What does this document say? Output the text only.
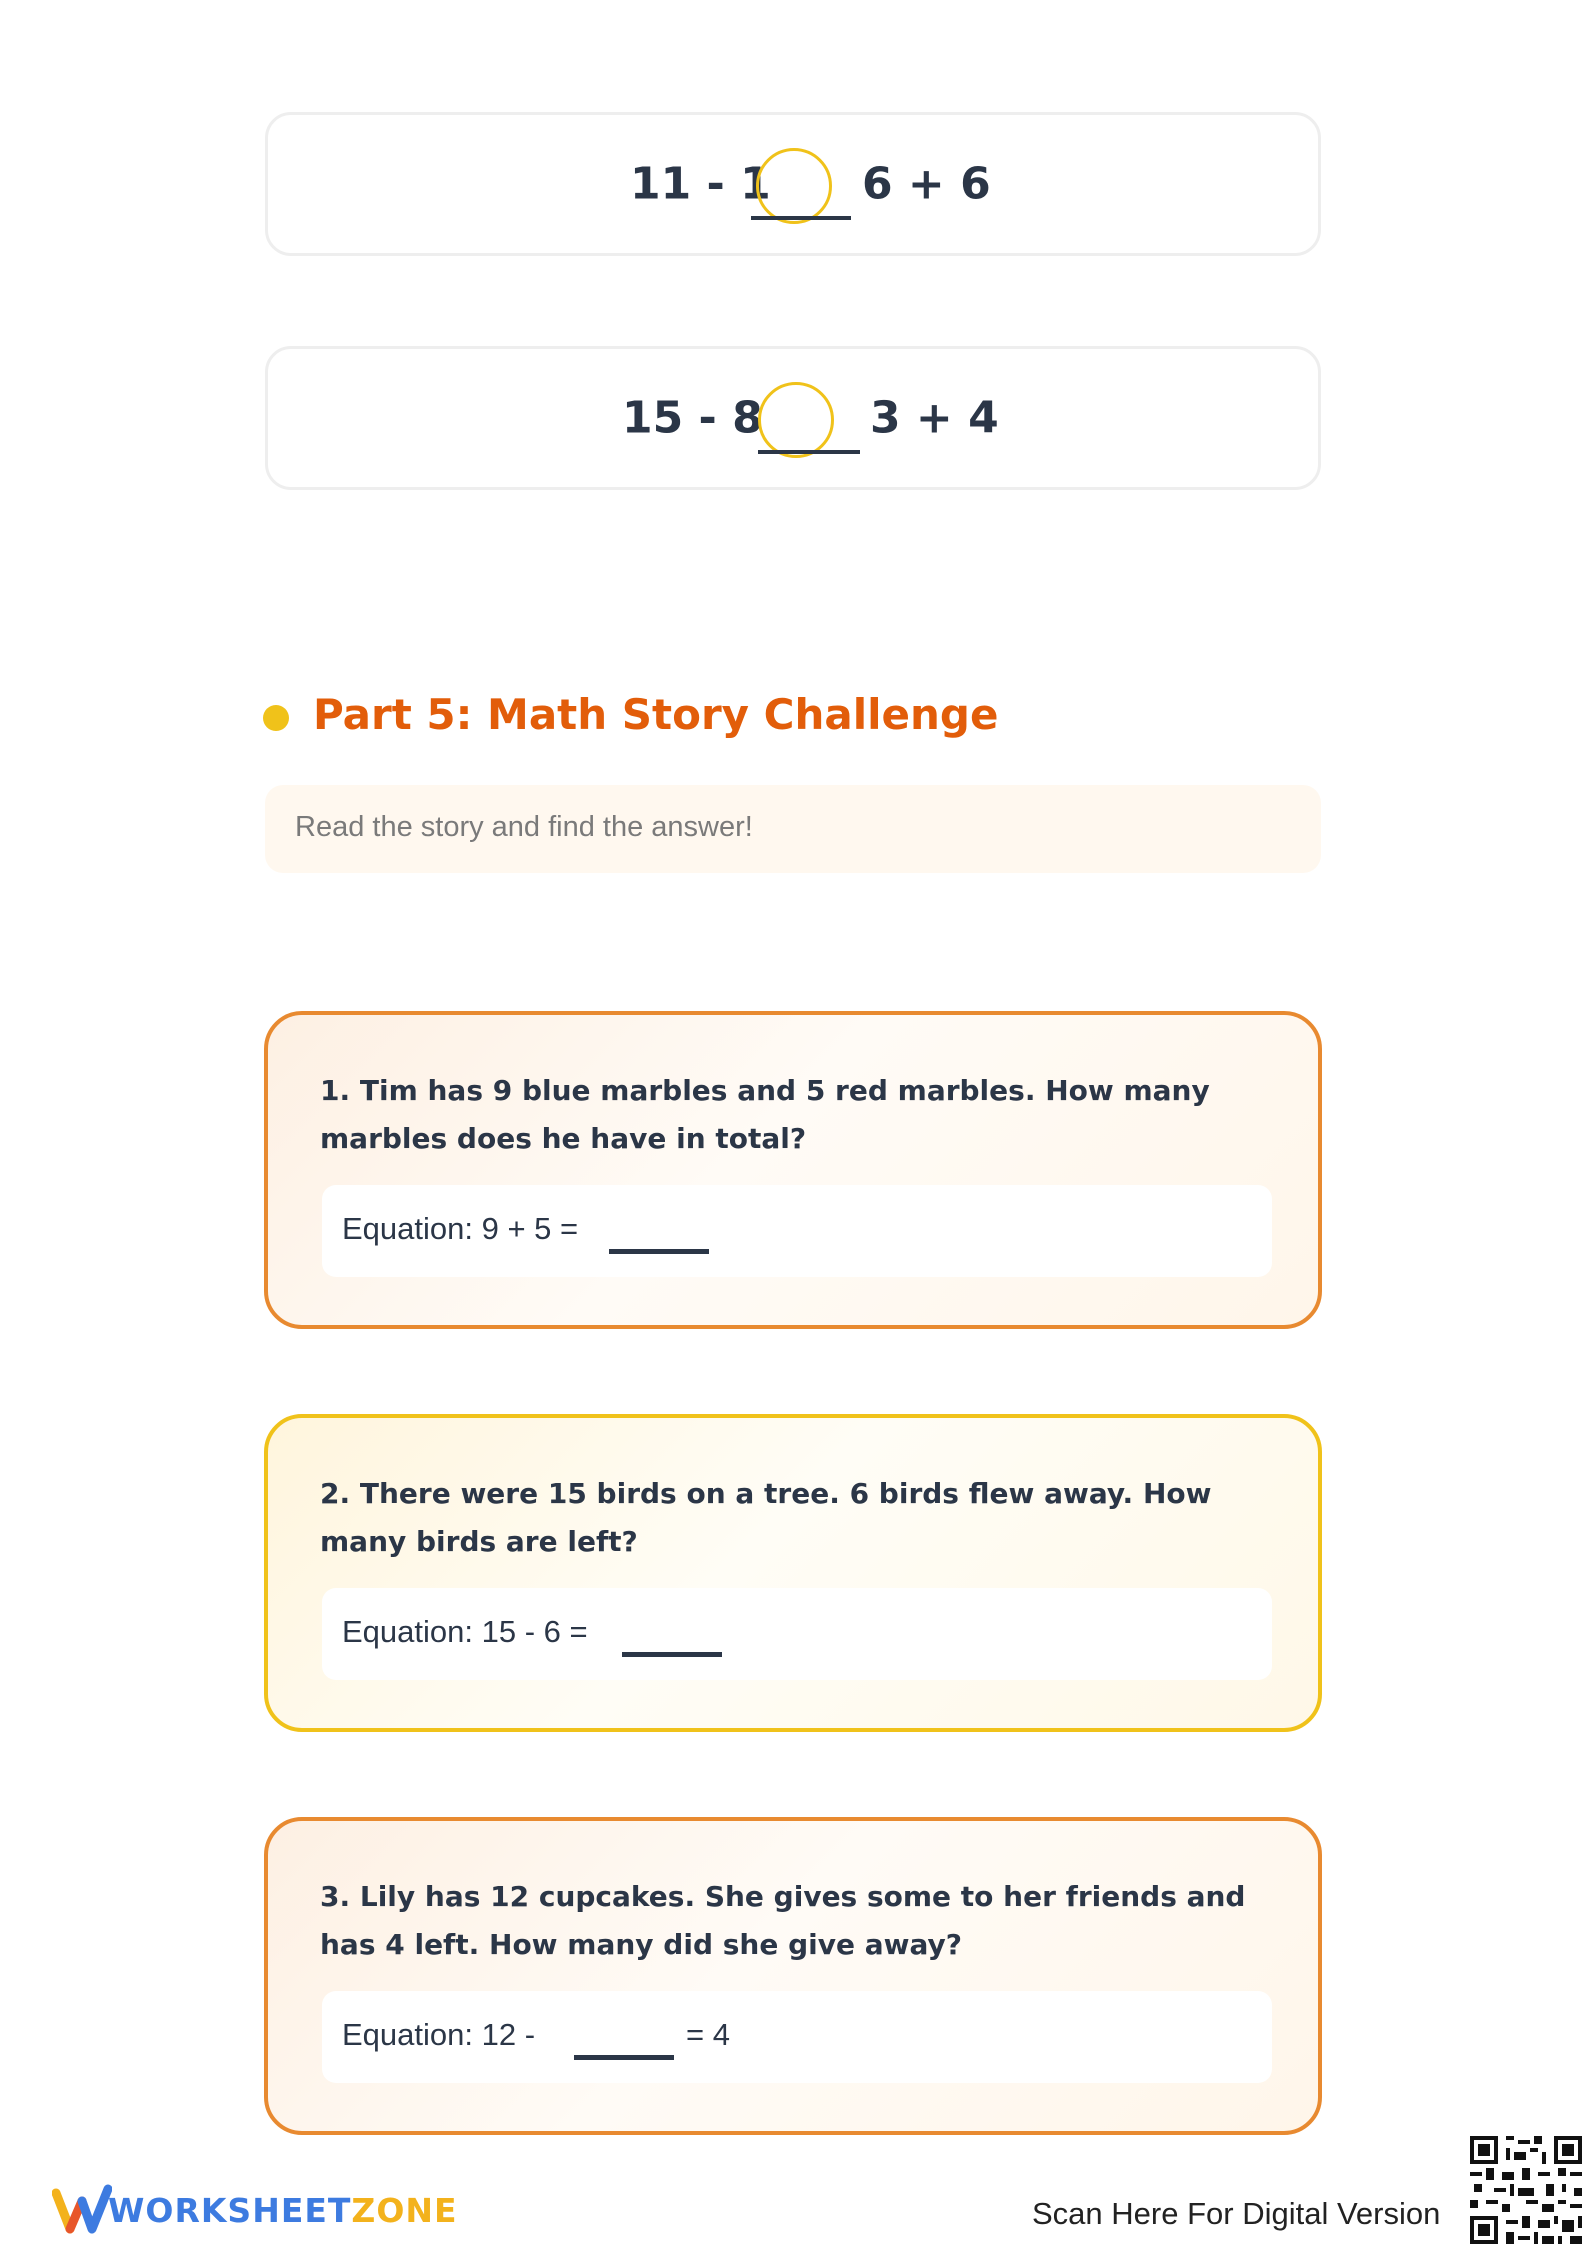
11 - 1 6 + 6
15 - 8 3 + 4
Part 5: Math Story Challenge
Read the story and find the answer!
1. Tim has 9 blue marbles and 5 red marbles. How many marbles does he have in total?
Equation: 9 + 5 =
2. There were 15 birds on a tree. 6 birds flew away. How many birds are left?
Equation: 15 - 6 =
3. Lily has 12 cupcakes. She gives some to her friends and has 4 left. How many did she give away?
Equation: 12 -	= 4
WORKSHEETZONE	Scan Here For Digital Version
